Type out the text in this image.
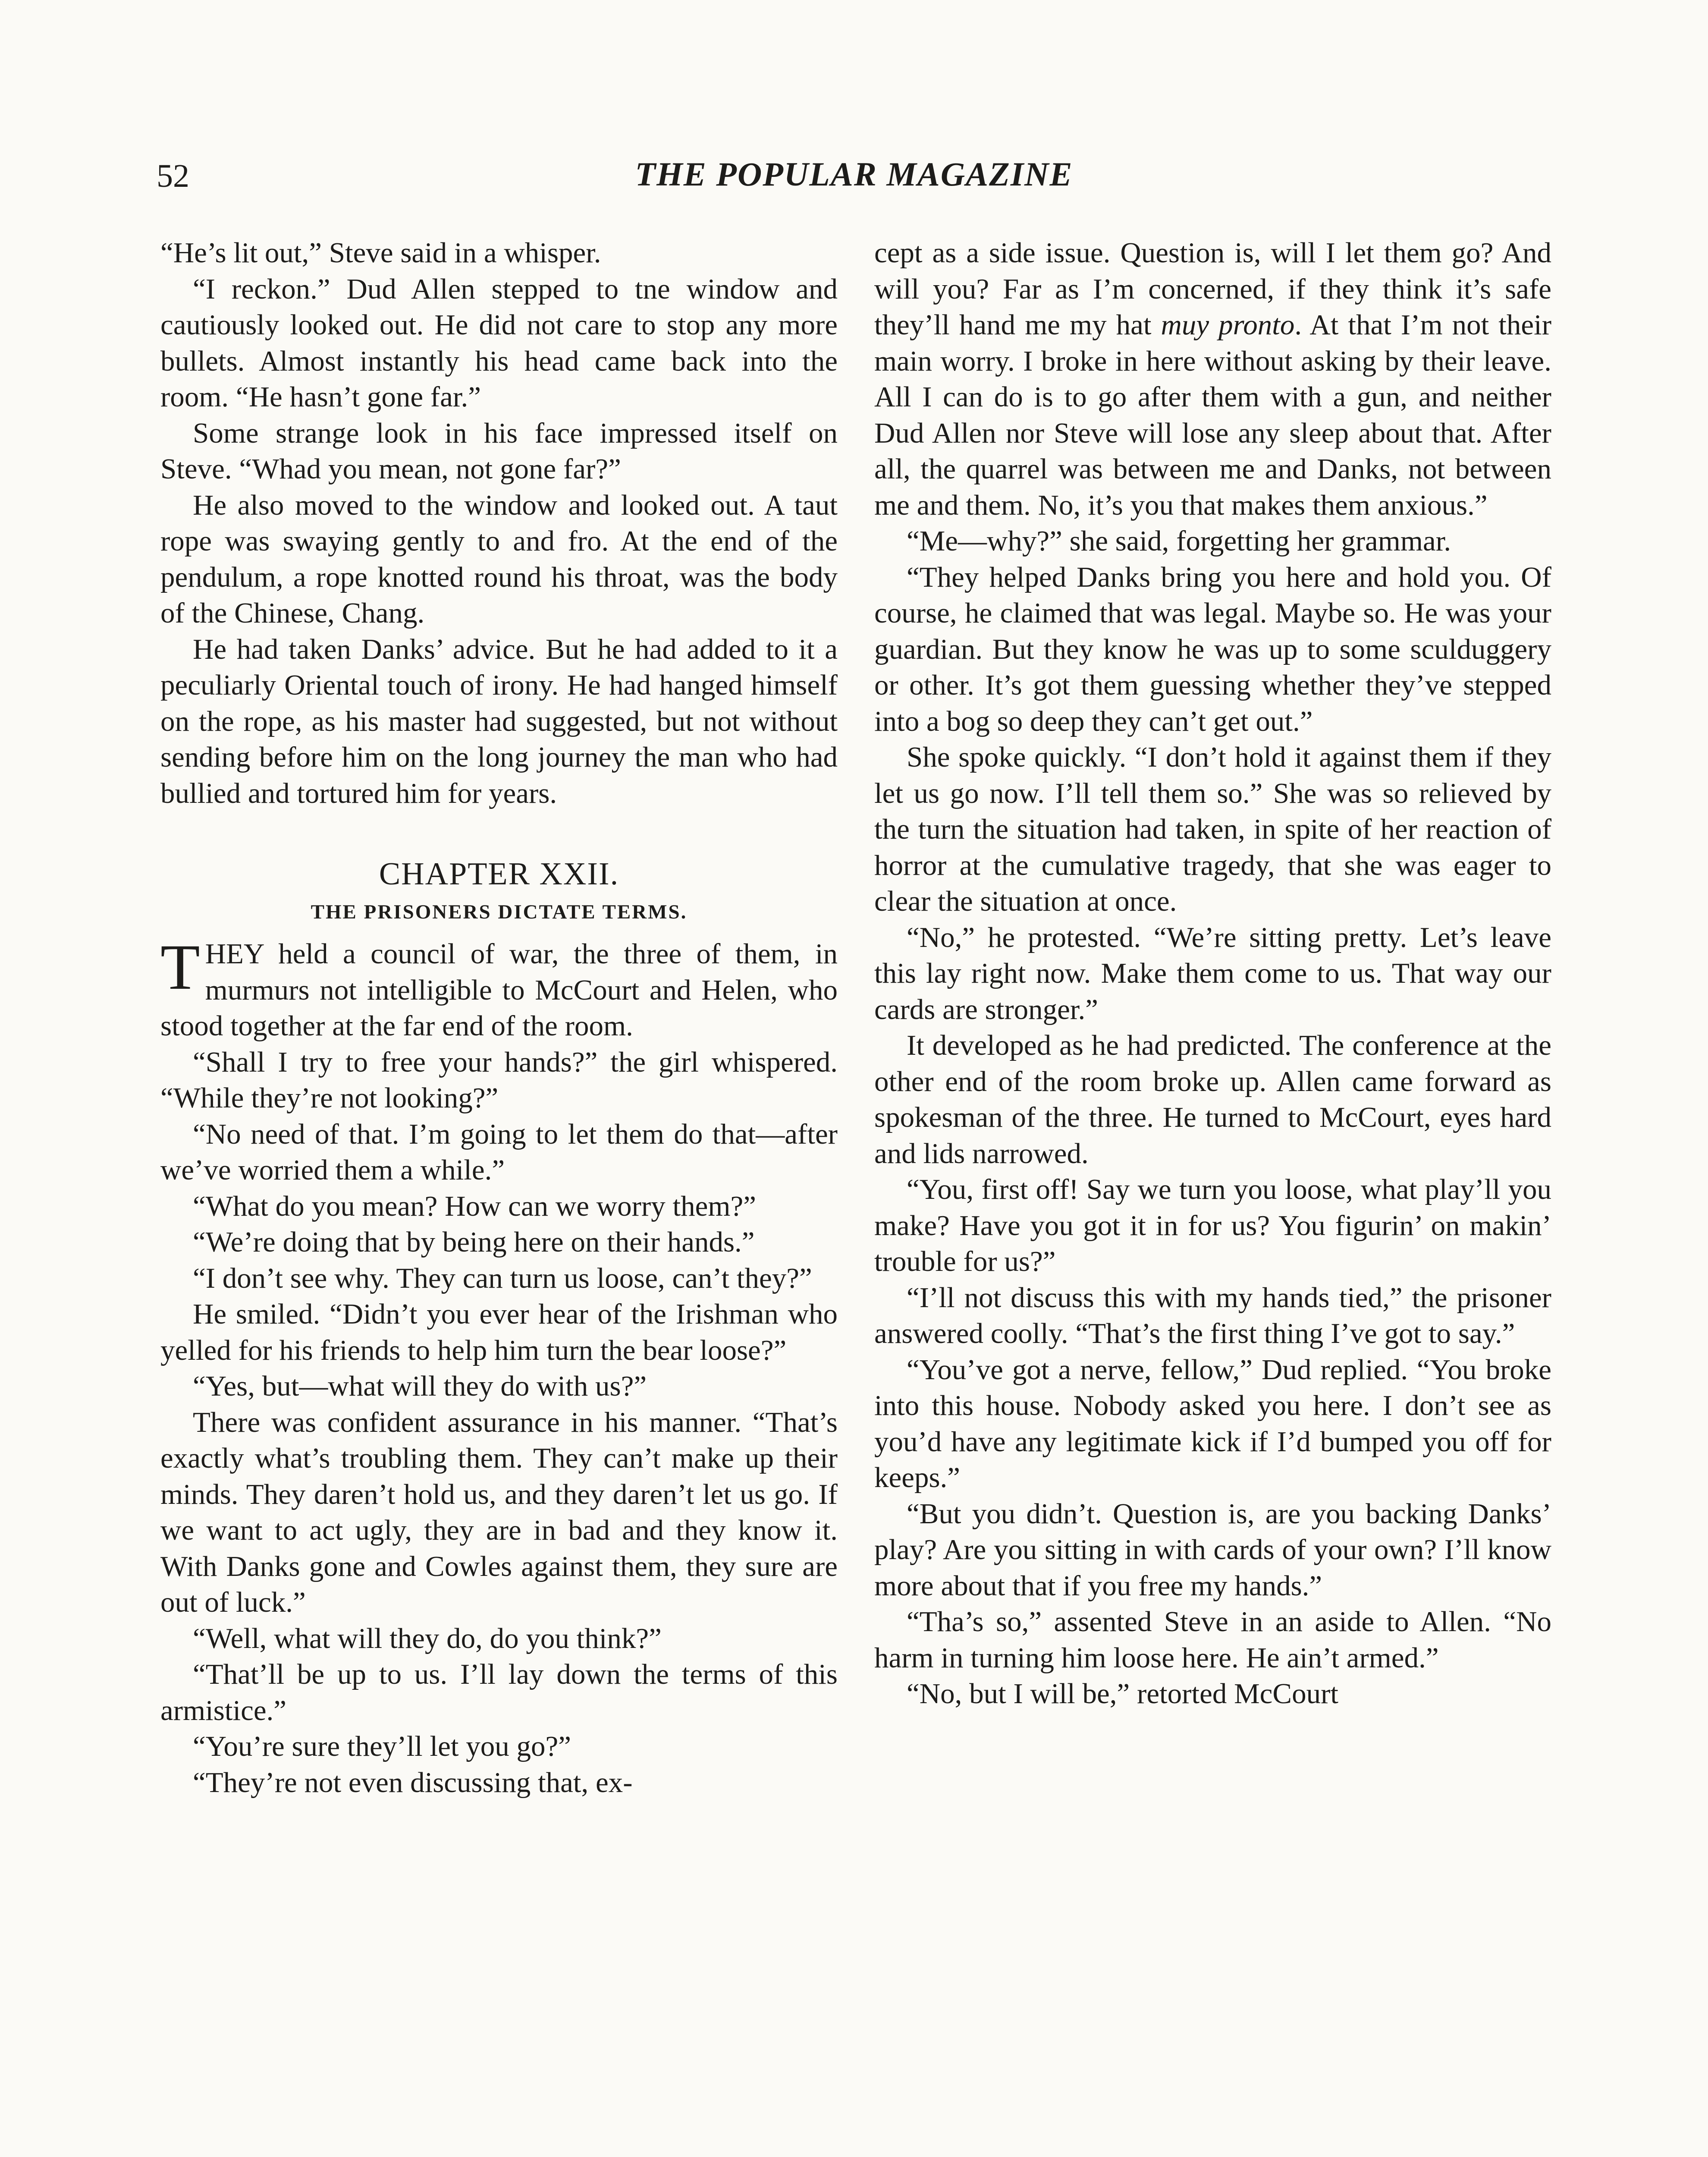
52	THE POPULAR MAGAZINE

“He’s lit out,” Steve said in a whisper.

“I reckon.” Dud Allen stepped to tne window and cautiously looked out. He did not care to stop any more bullets. Almost instantly his head came back into the room. “He hasn’t gone far.”

Some strange look in his face impressed itself on Steve. “Whad you mean, not gone far?”

He also moved to the window and looked out. A taut rope was swaying gently to and fro. At the end of the pendulum, a rope knotted round his throat, was the body of the Chinese, Chang.

He had taken Danks’ advice. But he had added to it a peculiarly Oriental touch of irony. He had hanged himself on the rope, as his master had suggested, but not without sending before him on the long journey the man who had bullied and tortured him for years.

CHAPTER XXII.
THE PRISONERS DICTATE TERMS.

THEY held a council of war, the three of them, in murmurs not intelligible to McCourt and Helen, who stood together at the far end of the room.

“Shall I try to free your hands?” the girl whispered. “While they’re not looking?”

“No need of that. I’m going to let them do that—after we’ve worried them a while.”

“What do you mean? How can we worry them?”

“We’re doing that by being here on their hands.”

“I don’t see why. They can turn us loose, can’t they?”

He smiled. “Didn’t you ever hear of the Irishman who yelled for his friends to help him turn the bear loose?”

“Yes, but—what will they do with us?”

There was confident assurance in his manner. “That’s exactly what’s troubling them. They can’t make up their minds. They daren’t hold us, and they daren’t let us go. If we want to act ugly, they are in bad and they know it. With Danks gone and Cowles against them, they sure are out of luck.”

“Well, what will they do, do you think?”

“That’ll be up to us. I’ll lay down the terms of this armistice.”

“You’re sure they’ll let you go?”

“They’re not even discussing that, ex-

cept as a side issue. Question is, will I let them go? And will you? Far as I’m concerned, if they think it’s safe they’ll hand me my hat muy pronto. At that I’m not their main worry. I broke in here without asking by their leave. All I can do is to go after them with a gun, and neither Dud Allen nor Steve will lose any sleep about that. After all, the quarrel was between me and Danks, not between me and them. No, it’s you that makes them anxious.”

“Me—why?” she said, forgetting her grammar.

“They helped Danks bring you here and hold you. Of course, he claimed that was legal. Maybe so. He was your guardian. But they know he was up to some sculduggery or other. It’s got them guessing whether they’ve stepped into a bog so deep they can’t get out.”

She spoke quickly. “I don’t hold it against them if they let us go now. I’ll tell them so.” She was so relieved by the turn the situation had taken, in spite of her reaction of horror at the cumulative tragedy, that she was eager to clear the situation at once.

“No,” he protested. “We’re sitting pretty. Let’s leave this lay right now. Make them come to us. That way our cards are stronger.”

It developed as he had predicted. The conference at the other end of the room broke up. Allen came forward as spokesman of the three. He turned to McCourt, eyes hard and lids narrowed.

“You, first off! Say we turn you loose, what play’ll you make? Have you got it in for us? You figurin’ on makin’ trouble for us?”

“I’ll not discuss this with my hands tied,” the prisoner answered coolly. “That’s the first thing I’ve got to say.”

“You’ve got a nerve, fellow,” Dud replied. “You broke into this house. Nobody asked you here. I don’t see as you’d have any legitimate kick if I’d bumped you off for keeps.”

“But you didn’t. Question is, are you backing Danks’ play? Are you sitting in with cards of your own? I’ll know more about that if you free my hands.”

“Tha’s so,” assented Steve in an aside to Allen. “No harm in turning him loose here. He ain’t armed.”

“No, but I will be,” retorted McCourt
